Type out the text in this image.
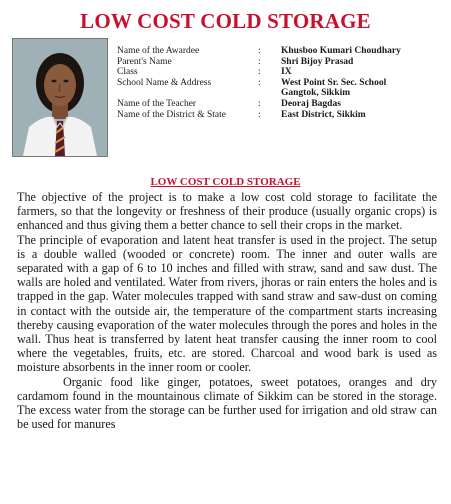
LOW COST COLD STORAGE
Name of the Awardee	: Khusboo Kumari Choudhary
Parent's Name	: Shri Bijoy Prasad
Class	: IX
School Name & Address	: West Point Sr. Sec. School
Gangtok, Sikkim
Name of the Teacher	: Deoraj Bagdas
Name of the District & State	: East District, Sikkim
LOW COST COLD STORAGE

The objective of the project is to make a low cost cold storage to facilitate the farmers, so that the longevity or freshness of their produce (usually organic crops) is enhanced and thus giving them a better chance to sell their crops in the market.

The principle of evaporation and latent heat transfer is used in the project. The setup is a double walled (wooded or concrete) room. The inner and outer walls are separated with a gap of 6 to 10 inches and filled with straw, sand and saw dust. The walls are holed and ventilated. Water from rivers, jhoras or rain enters the holes and is trapped in the gap. Water molecules trapped with sand straw and saw-dust on coming in contact with the outside air, the temperature of the compartment starts increasing thereby causing evaporation of the water molecules through the pores and holes in the wall. Thus heat is transferred by latent heat transfer causing the inner room to cool where the vegetables, fruits, etc. are stored. Charcoal and wood bark is used as moisture absorbents in the inner room or cooler.

Organic food like ginger, potatoes, sweet potatoes, oranges and dry cardamom found in the mountainous climate of Sikkim can be stored in the storage. The excess water from the storage can be further used for irrigation and old straw can be used for manures
